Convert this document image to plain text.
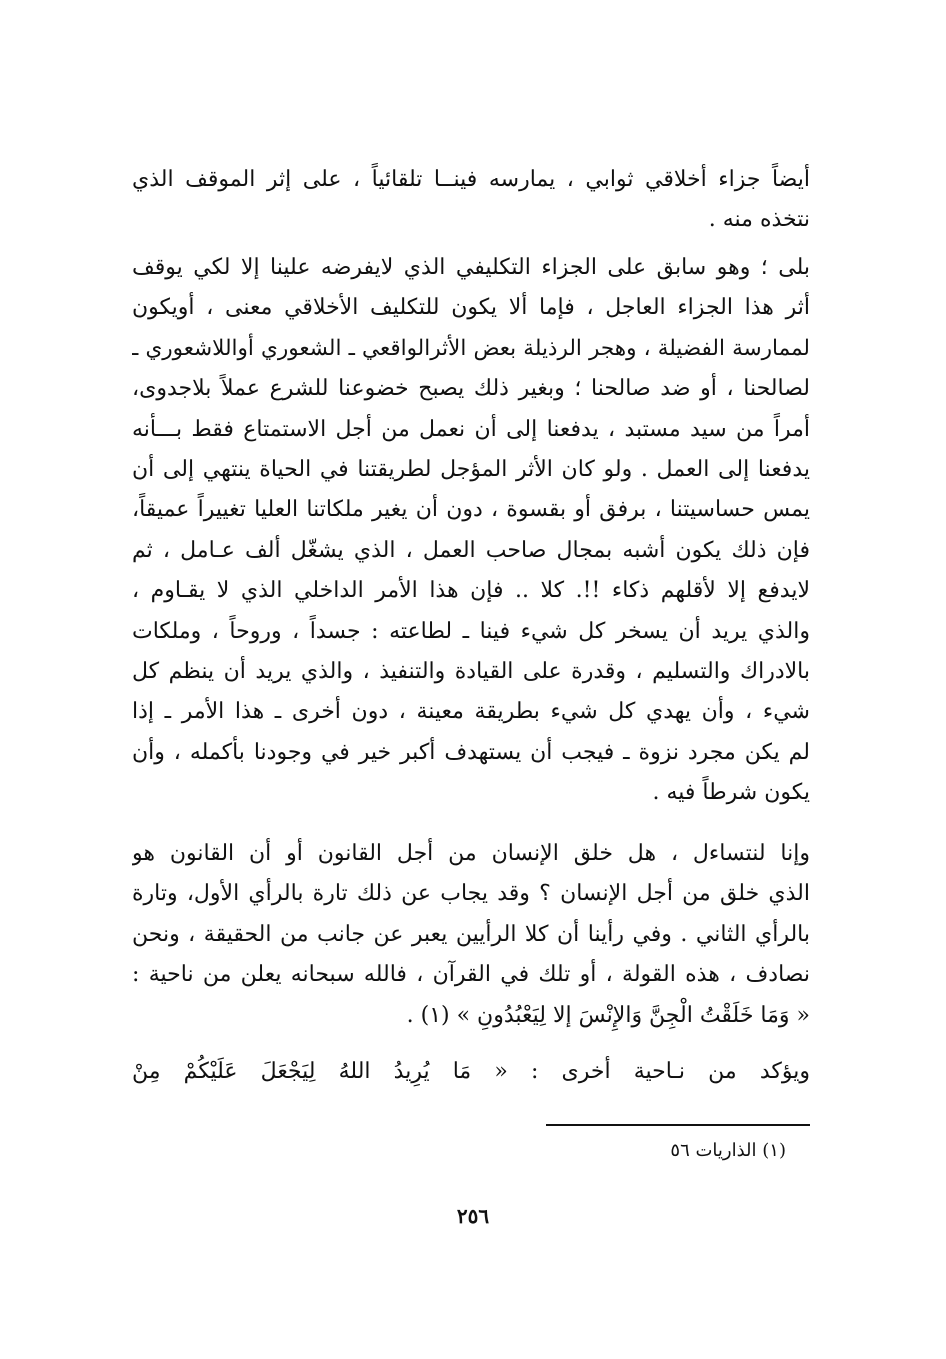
أيضاً جزاء أخلاقي ثوابي ، يمارسه فينــا تلقائياً ، على إثر الموقف الذي
نتخذه منه .
بلى ؛ وهو سابق على الجزاء التكليفي الذي لايفرضه علينا إلا لكي يوقف
أثر هذا الجزاء العاجل ، فإما ألا يكون للتكليف الأخلاقي معنى ، أويكون
لممارسة الفضيلة ، وهجر الرذيلة بعض الأثرالواقعي ـ الشعوري أواللاشعوري ـ
لصالحنا ، أو ضد صالحنا ؛ وبغير ذلك يصبح خضوعنا للشرع عملاً بلاجدوى،
أمراً من سيد مستبد ، يدفعنا إلى أن نعمل من أجل الاستمتاع فقط بـــأنه
يدفعنا إلى العمل . ولو كان الأثر المؤجل لطريقتنا في الحياة ينتهي إلى أن
يمس حساسيتنا ، برفق أو بقسوة ، دون أن يغير ملكاتنا العليا تغييراً عميقاً،
فإن ذلك يكون أشبه بمجال صاحب العمل ، الذي يشغّل ألف عـامل ، ثم
لايدفع إلا لأقلهم ذكاء !!. كلا .. فإن هذا الأمر الداخلي الذي لا يقـاوم ،
والذي يريد أن يسخر كل شيء فينا ـ لطاعته : جسداً ، وروحاً ، وملكات
بالادراك والتسليم ، وقدرة على القيادة والتنفيذ ، والذي يريد أن ينظم كل
شيء ، وأن يهدي كل شيء بطريقة معينة ، دون أخرى ـ هذا الأمر ـ إذا
لم يكن مجرد نزوة ـ فيجب أن يستهدف أكبر خير في وجودنا بأكمله ، وأن
يكون شرطاً فيه .
وإنا لنتساءل ، هل خلق الإنسان من أجل القانون أو أن القانون هو
الذي خلق من أجل الإنسان ؟ وقد يجاب عن ذلك تارة بالرأي الأول، وتارة
بالرأي الثاني . وفي رأينا أن كلا الرأيين يعبر عن جانب من الحقيقة ، ونحن
نصادف ، هذه القولة ، أو تلك في القرآن ، فالله سبحانه يعلن من ناحية :
« وَمَا خَلَقْتُ الْجِنَّ وَالإِنْسَ إلا لِيَعْبُدُونِ » (١) .
ويؤكد من نـاحية أخرى : « مَا يُرِيدُ اللهُ لِيَجْعَلَ عَلَيْكُمْ مِنْ
(١) الذاريات ٥٦
٢٥٦
